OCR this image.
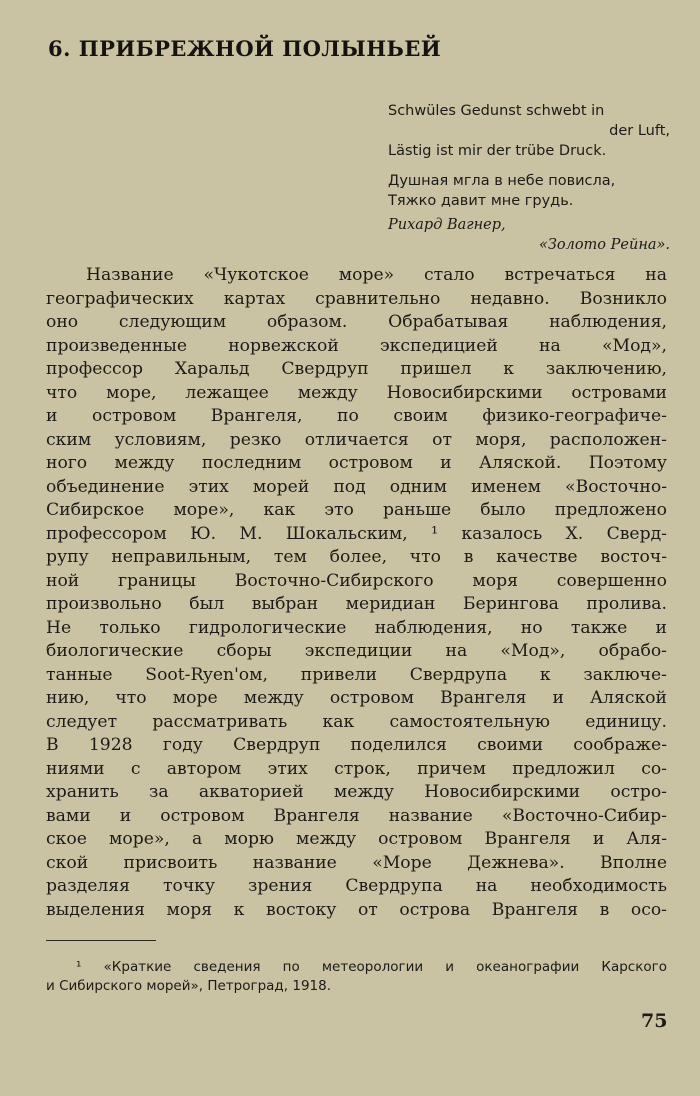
6. ПРИБРЕЖНОЙ ПОЛЫНЬЕЙ
Schwüles Gedunst schwebt in
der Luft,
Lästig ist mir der trübe Druck.
Душная мгла в небе повисла,
Тяжко давит мне грудь.
Рихард Вагнер,
«Золото Рейна».
Название «Чукотское море» стало встречаться на
географических картах сравнительно недавно. Возникло
оно следующим образом. Обрабатывая наблюдения,
произведенные норвежской экспедицией на «Мод»,
профессор Харальд Свердруп пришел к заключению,
что море, лежащее между Новосибирскими островами
и островом Врангеля, по своим физико-географиче-
ским условиям, резко отличается от моря, расположен-
ного между последним островом и Аляской. Поэтому
объединение этих морей под одним именем «Восточно-
Сибирское море», как это раньше было предложено
профессором Ю. М. Шокальским, ¹ казалось Х. Сверд-
рупу неправильным, тем более, что в качестве восточ-
ной границы Восточно-Сибирского моря совершенно
произвольно был выбран меридиан Берингова пролива.
Не только гидрологические наблюдения, но также и
биологические сборы экспедиции на «Мод», обрабо-
танные Soot-Ryen'ом, привели Свердрупа к заключе-
нию, что море между островом Врангеля и Аляской
следует рассматривать как самостоятельную единицу.
В 1928 году Свердруп поделился своими соображе-
ниями с автором этих строк, причем предложил со-
хранить за акваторией между Новосибирскими остро-
вами и островом Врангеля название «Восточно-Сибир-
ское море», а морю между островом Врангеля и Аля-
ской присвоить название «Море Дежнева». Вполне
разделяя точку зрения Свердрупа на необходимость
выделения моря к востоку от острова Врангеля в осо-
¹ «Краткие сведения по метеорологии и океанографии Карского
и Сибирского морей», Петроград, 1918.
75
